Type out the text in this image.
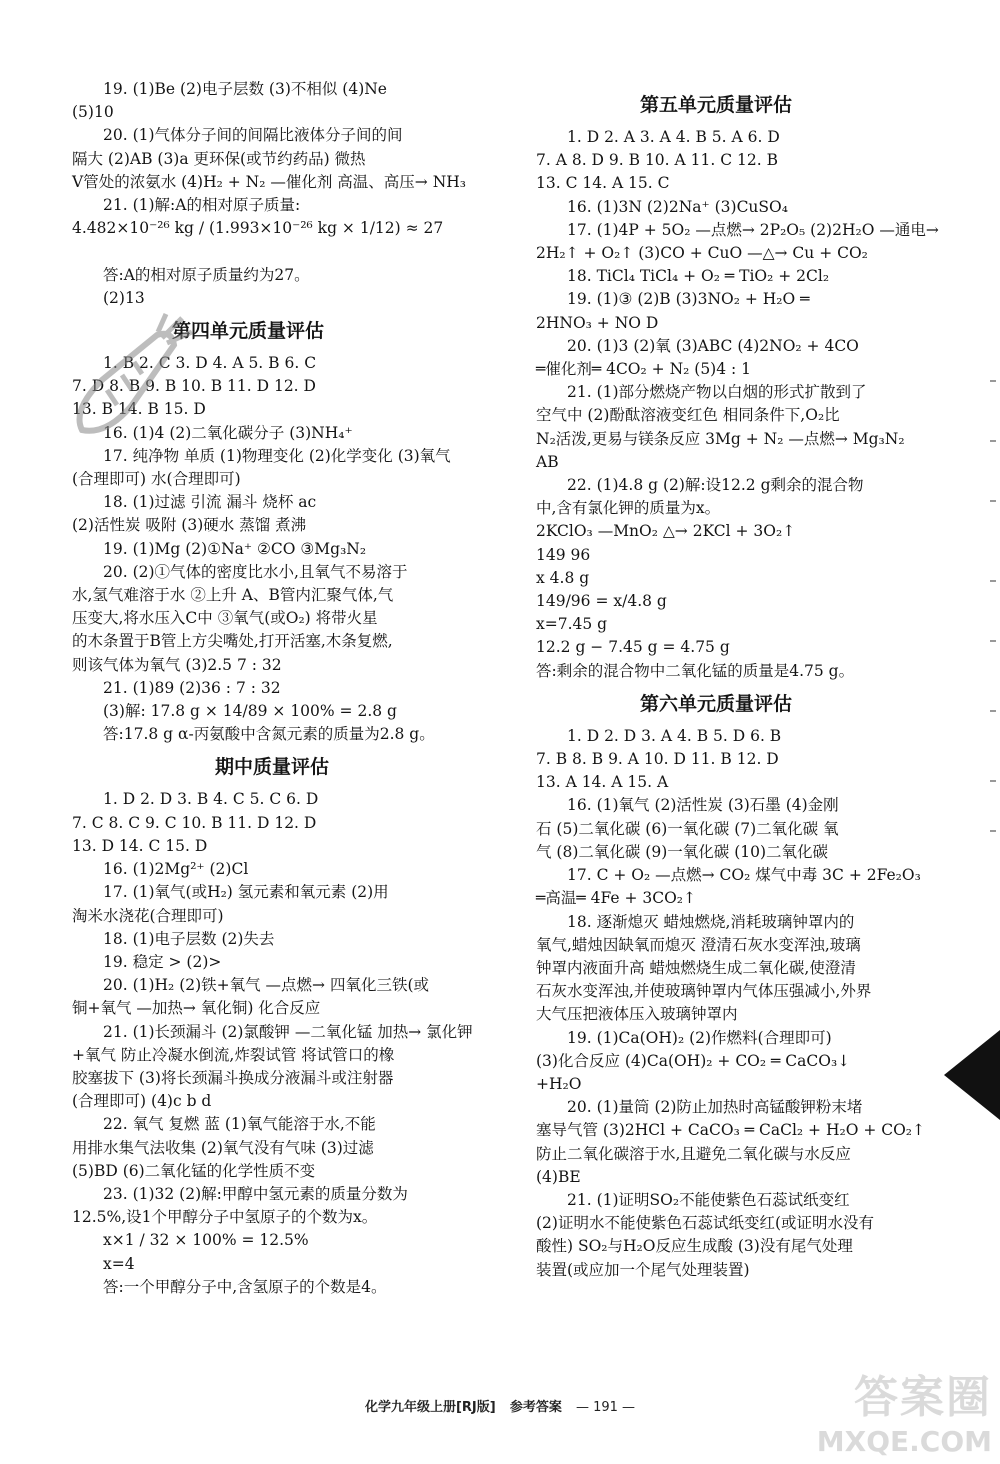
19. (1)Be (2)电子层数 (3)不相似 (4)Ne
(5)10
20. (1)气体分子间的间隔比液体分子间的间
隔大 (2)AB (3)a 更环保(或节约药品) 微热
V管处的浓氨水 (4)H₂ + N₂ —催化剂 高温、高压→ NH₃
21. (1)解:A的相对原子质量:
4.482×10⁻²⁶ kg / (1.993×10⁻²⁶ kg × 1/12) ≈ 27

答:A的相对原子质量约为27。
(2)13
第四单元质量评估
1. B 2. C 3. D 4. A 5. B 6. C
7. D 8. B 9. B 10. B 11. D 12. D
13. B 14. B 15. D
16. (1)4 (2)二氧化碳分子 (3)NH₄⁺
17. 纯净物 单质 (1)物理变化 (2)化学变化 (3)氧气
(合理即可) 水(合理即可)
18. (1)过滤 引流 漏斗 烧杯 ac
(2)活性炭 吸附 (3)硬水 蒸馏 煮沸
19. (1)Mg (2)①Na⁺ ②CO ③Mg₃N₂
20. (2)①气体的密度比水小,且氧气不易溶于
水,氢气难溶于水 ②上升 A、B管内汇聚气体,气
压变大,将水压入C中 ③氧气(或O₂) 将带火星
的木条置于B管上方尖嘴处,打开活塞,木条复燃,
则该气体为氧气 (3)2.5 7 : 32
21. (1)89 (2)36 : 7 : 32
(3)解: 17.8 g × 14/89 × 100% = 2.8 g
答:17.8 g α-丙氨酸中含氮元素的质量为2.8 g。
期中质量评估
1. D 2. D 3. B 4. C 5. C 6. D
7. C 8. C 9. C 10. B 11. D 12. D
13. D 14. C 15. D
16. (1)2Mg²⁺ (2)Cl
17. (1)氧气(或H₂) 氢元素和氧元素 (2)用
淘米水浇花(合理即可)
18. (1)电子层数 (2)失去
19. 稳定 > (2)>
20. (1)H₂ (2)铁+氧气 —点燃→ 四氧化三铁(或
铜+氧气 —加热→ 氧化铜) 化合反应
21. (1)长颈漏斗 (2)氯酸钾 —二氧化锰 加热→ 氯化钾
+氧气 防止冷凝水倒流,炸裂试管 将试管口的橡
胶塞拔下 (3)将长颈漏斗换成分液漏斗或注射器
(合理即可) (4)c b d
22. 氧气 复燃 蓝 (1)氧气能溶于水,不能
用排水集气法收集 (2)氧气没有气味 (3)过滤
(5)BD (6)二氧化锰的化学性质不变
23. (1)32 (2)解:甲醇中氢元素的质量分数为
12.5%,设1个甲醇分子中氢原子的个数为x。
x×1 / 32 × 100% = 12.5%
x=4
答:一个甲醇分子中,含氢原子的个数是4。
第五单元质量评估
1. D 2. A 3. A 4. B 5. A 6. D
7. A 8. D 9. B 10. A 11. C 12. B
13. C 14. A 15. C
16. (1)3N (2)2Na⁺ (3)CuSO₄
17. (1)4P + 5O₂ —点燃→ 2P₂O₅ (2)2H₂O —通电→
2H₂↑ + O₂↑ (3)CO + CuO —△→ Cu + CO₂
18. TiCl₄ TiCl₄ + O₂ ═ TiO₂ + 2Cl₂
19. (1)③ (2)B (3)3NO₂ + H₂O ═
2HNO₃ + NO D
20. (1)3 (2)氧 (3)ABC (4)2NO₂ + 4CO
═催化剂═ 4CO₂ + N₂ (5)4 : 1
21. (1)部分燃烧产物以白烟的形式扩散到了
空气中 (2)酚酞溶液变红色 相同条件下,O₂比
N₂活泼,更易与镁条反应 3Mg + N₂ —点燃→ Mg₃N₂
AB
22. (1)4.8 g (2)解:设12.2 g剩余的混合物
中,含有氯化钾的质量为x。
2KClO₃ —MnO₂ △→ 2KCl + 3O₂↑
149 96
x 4.8 g
149/96 = x/4.8 g
x=7.45 g
12.2 g − 7.45 g = 4.75 g
答:剩余的混合物中二氧化锰的质量是4.75 g。
第六单元质量评估
1. D 2. D 3. A 4. B 5. D 6. B
7. B 8. B 9. A 10. D 11. B 12. D
13. A 14. A 15. A
16. (1)氧气 (2)活性炭 (3)石墨 (4)金刚
石 (5)二氧化碳 (6)一氧化碳 (7)二氧化碳 氧
气 (8)二氧化碳 (9)一氧化碳 (10)二氧化碳
17. C + O₂ —点燃→ CO₂ 煤气中毒 3C + 2Fe₂O₃
═高温═ 4Fe + 3CO₂↑
18. 逐渐熄灭 蜡烛燃烧,消耗玻璃钟罩内的
氧气,蜡烛因缺氧而熄灭 澄清石灰水变浑浊,玻璃
钟罩内液面升高 蜡烛燃烧生成二氧化碳,使澄清
石灰水变浑浊,并使玻璃钟罩内气体压强减小,外界
大气压把液体压入玻璃钟罩内
19. (1)Ca(OH)₂ (2)作燃料(合理即可)
(3)化合反应 (4)Ca(OH)₂ + CO₂ ═ CaCO₃↓
+H₂O
20. (1)量筒 (2)防止加热时高锰酸钾粉末堵
塞导气管 (3)2HCl + CaCO₃ ═ CaCl₂ + H₂O + CO₂↑
防止二氧化碳溶于水,且避免二氧化碳与水反应
(4)BE
21. (1)证明SO₂不能使紫色石蕊试纸变红
(2)证明水不能使紫色石蕊试纸变红(或证明水没有
酸性) SO₂与H₂O反应生成酸 (3)没有尾气处理
装置(或应加一个尾气处理装置)
化学九年级上册[RJ版] 参考答案 — 191 —	答案圈
MXQE.COM
